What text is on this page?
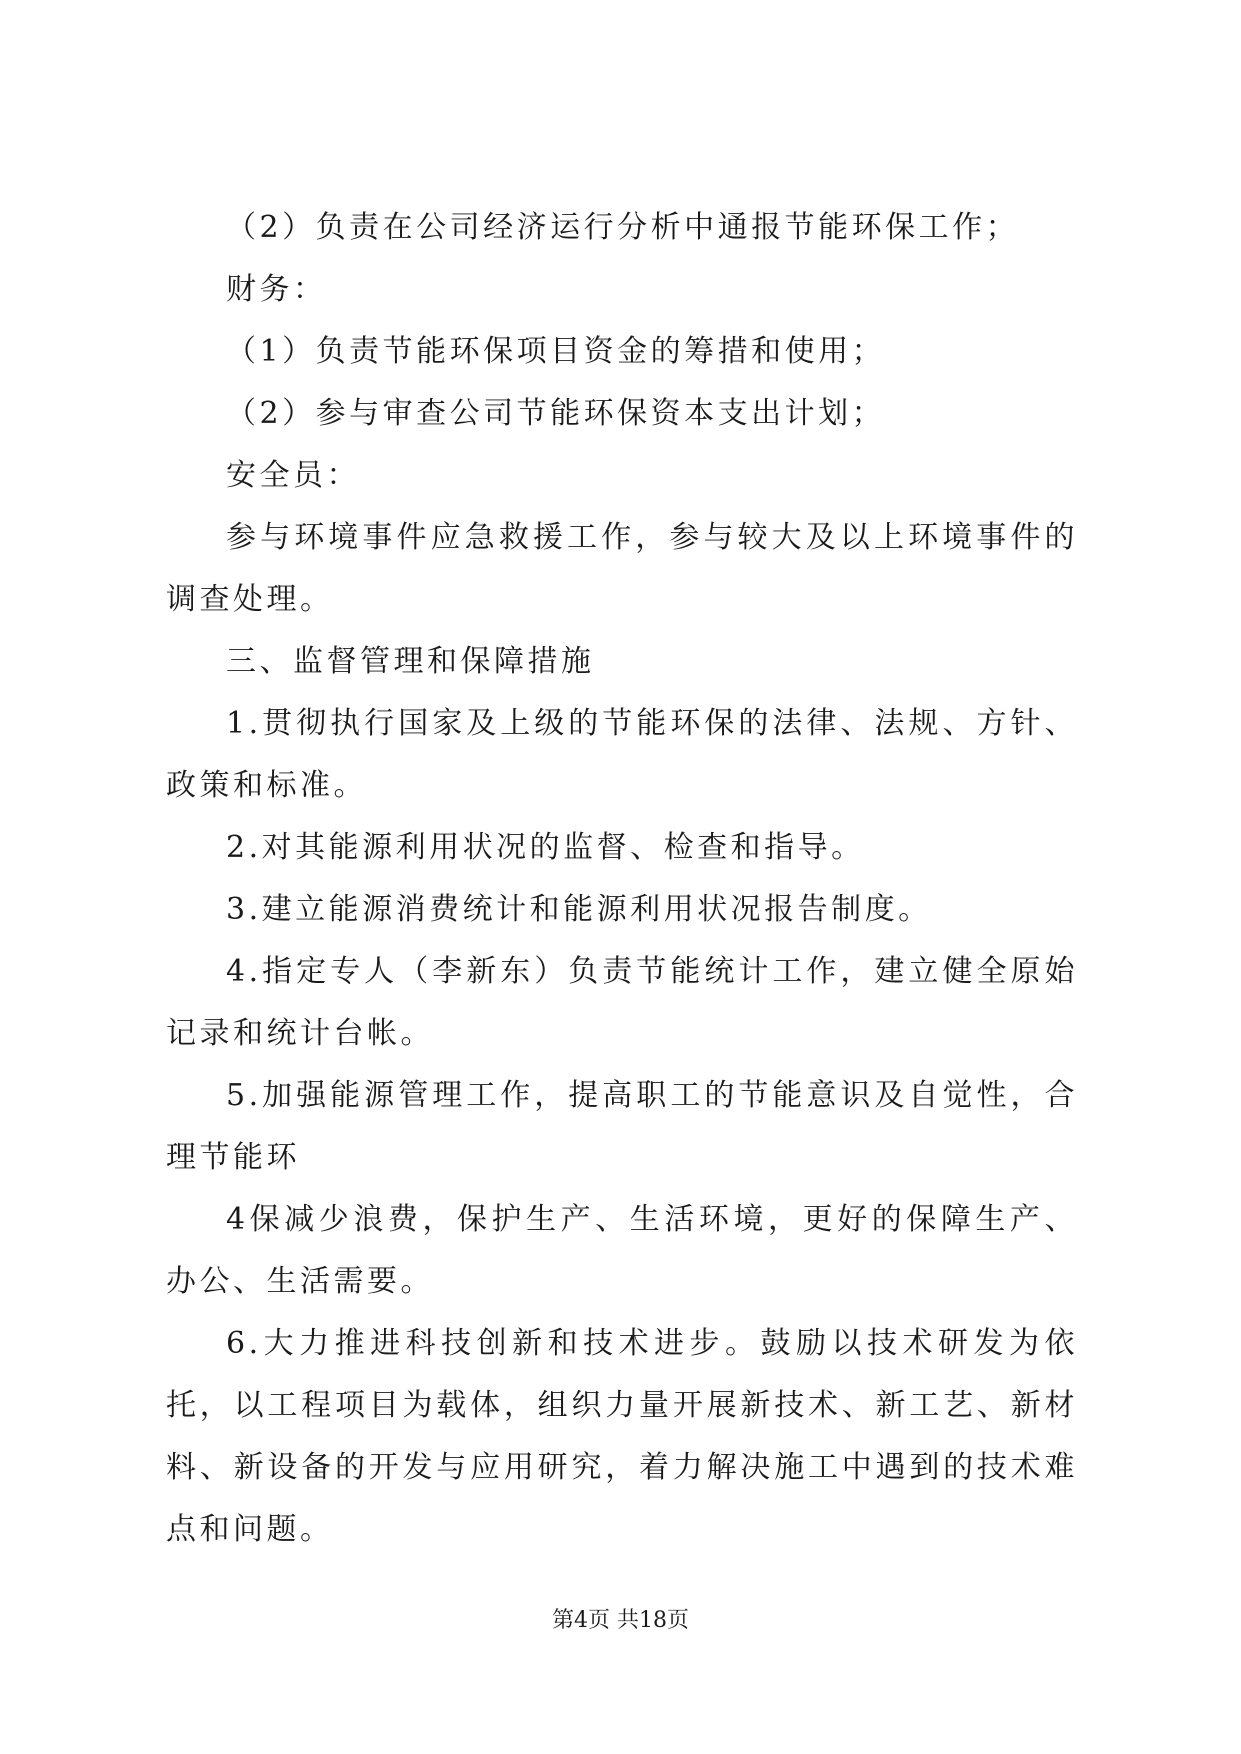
（2）负责在公司经济运行分析中通报节能环保工作；

财务：

（1）负责节能环保项目资金的筹措和使用；

（2）参与审查公司节能环保资本支出计划；

安全员：

参与环境事件应急救援工作，参与较大及以上环境事件的调查处理。

三、监督管理和保障措施

1.贯彻执行国家及上级的节能环保的法律、法规、方针、政策和标准。

2.对其能源利用状况的监督、检查和指导。

3.建立能源消费统计和能源利用状况报告制度。

4.指定专人（李新东）负责节能统计工作，建立健全原始记录和统计台帐。

5.加强能源管理工作，提高职工的节能意识及自觉性，合理节能环

4保减少浪费，保护生产、生活环境，更好的保障生产、办公、生活需要。

6.大力推进科技创新和技术进步。鼓励以技术研发为依托，以工程项目为载体，组织力量开展新技术、新工艺、新材料、新设备的开发与应用研究，着力解决施工中遇到的技术难点和问题。

第4页 共18页
